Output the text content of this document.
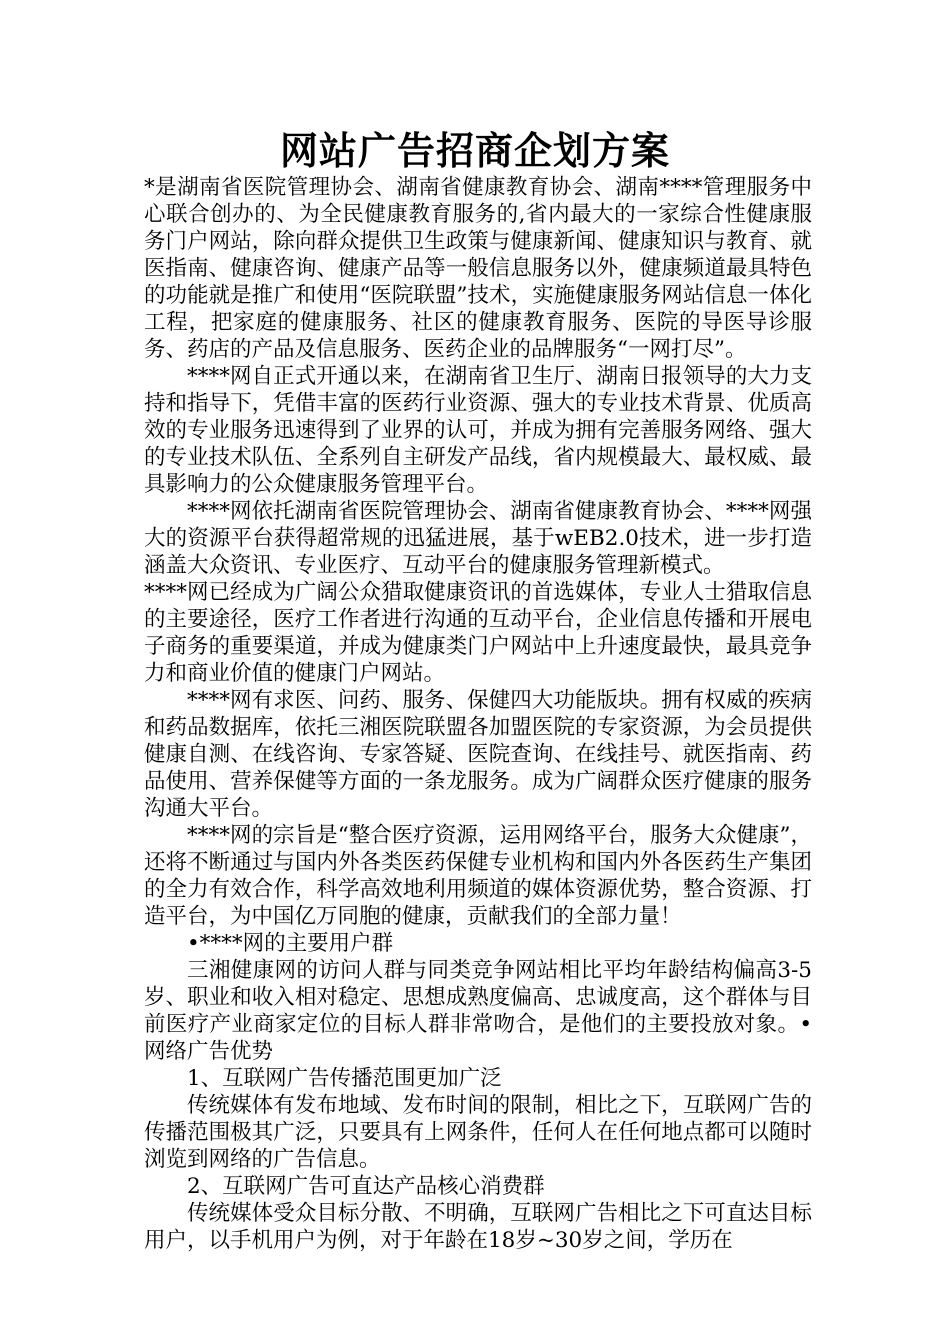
网站广告招商企划方案

*是湖南省医院管理协会、湖南省健康教育协会、湖南****管理服务中心联合创办的、为全民健康教育服务的,省内最大的一家综合性健康服务门户网站，除向群众提供卫生政策与健康新闻、健康知识与教育、就医指南、健康咨询、健康产品等一般信息服务以外，健康频道最具特色的功能就是推广和使用“医院联盟”技术，实施健康服务网站信息一体化工程，把家庭的健康服务、社区的健康教育服务、医院的导医导诊服务、药店的产品及信息服务、医药企业的品牌服务“一网打尽”。

****网自正式开通以来，在湖南省卫生厅、湖南日报领导的大力支持和指导下，凭借丰富的医药行业资源、强大的专业技术背景、优质高效的专业服务迅速得到了业界的认可，并成为拥有完善服务网络、强大的专业技术队伍、全系列自主研发产品线，省内规模最大、最权威、最具影响力的公众健康服务管理平台。

****网依托湖南省医院管理协会、湖南省健康教育协会、****网强大的资源平台获得超常规的迅猛进展，基于wEB2.0技术，进一步打造涵盖大众资讯、专业医疗、互动平台的健康服务管理新模式。

****网已经成为广阔公众猎取健康资讯的首选媒体，专业人士猎取信息的主要途径，医疗工作者进行沟通的互动平台，企业信息传播和开展电子商务的重要渠道，并成为健康类门户网站中上升速度最快，最具竞争力和商业价值的健康门户网站。

****网有求医、问药、服务、保健四大功能版块。拥有权威的疾病和药品数据库，依托三湘医院联盟各加盟医院的专家资源，为会员提供健康自测、在线咨询、专家答疑、医院查询、在线挂号、就医指南、药品使用、营养保健等方面的一条龙服务。成为广阔群众医疗健康的服务沟通大平台。

****网的宗旨是“整合医疗资源，运用网络平台，服务大众健康”，还将不断通过与国内外各类医药保健专业机构和国内外各医药生产集团的全力有效合作，科学高效地利用频道的媒体资源优势，整合资源、打造平台，为中国亿万同胞的健康，贡献我们的全部力量！

•****网的主要用户群

三湘健康网的访问人群与同类竞争网站相比平均年龄结构偏高3-5岁、职业和收入相对稳定、思想成熟度偏高、忠诚度高，这个群体与目前医疗产业商家定位的目标人群非常吻合，是他们的主要投放对象。•网络广告优势

1、互联网广告传播范围更加广泛

传统媒体有发布地域、发布时间的限制，相比之下，互联网广告的传播范围极其广泛，只要具有上网条件，任何人在任何地点都可以随时浏览到网络的广告信息。

2、互联网广告可直达产品核心消费群

传统媒体受众目标分散、不明确，互联网广告相比之下可直达目标用户，以手机用户为例，对于年龄在18岁~30岁之间，学历在
